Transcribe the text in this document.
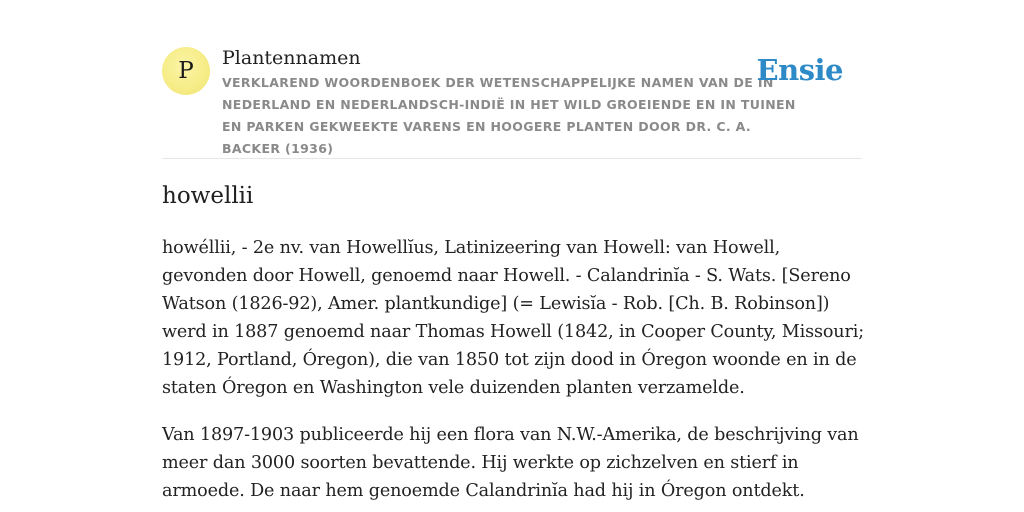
P Plantennamen
VERKLAREND WOORDENBOEK DER WETENSCHAPPELIJKE NAMEN VAN DE IN NEDERLAND EN NEDERLANDSCH-INDIË IN HET WILD GROEIENDE EN IN TUINEN EN PARKEN GEKWEEKTE VARENS EN HOOGERE PLANTEN DOOR DR. C. A. BACKER (1936)
Ensie
howellii

howéllii, - 2e nv. van Howellĭus, Latinizeering van Howell: van Howell, gevonden door Howell, genoemd naar Howell. - Calandrinĭa - S. Wats. [Sereno Watson (1826-92), Amer. plantkundige] (= Lewisĭa - Rob. [Ch. B. Robinson]) werd in 1887 genoemd naar Thomas Howell (1842, in Cooper County, Missouri; 1912, Portland, Óregon), die van 1850 tot zijn dood in Óregon woonde en in de staten Óregon en Washington vele duizenden planten verzamelde.

Van 1897-1903 publiceerde hij een flora van N.W.-Amerika, de beschrijving van meer dan 3000 soorten bevattende. Hij werkte op zichzelven en stierf in armoede. De naar hem genoemde Calandrinĭa had hij in Óregon ontdekt.
